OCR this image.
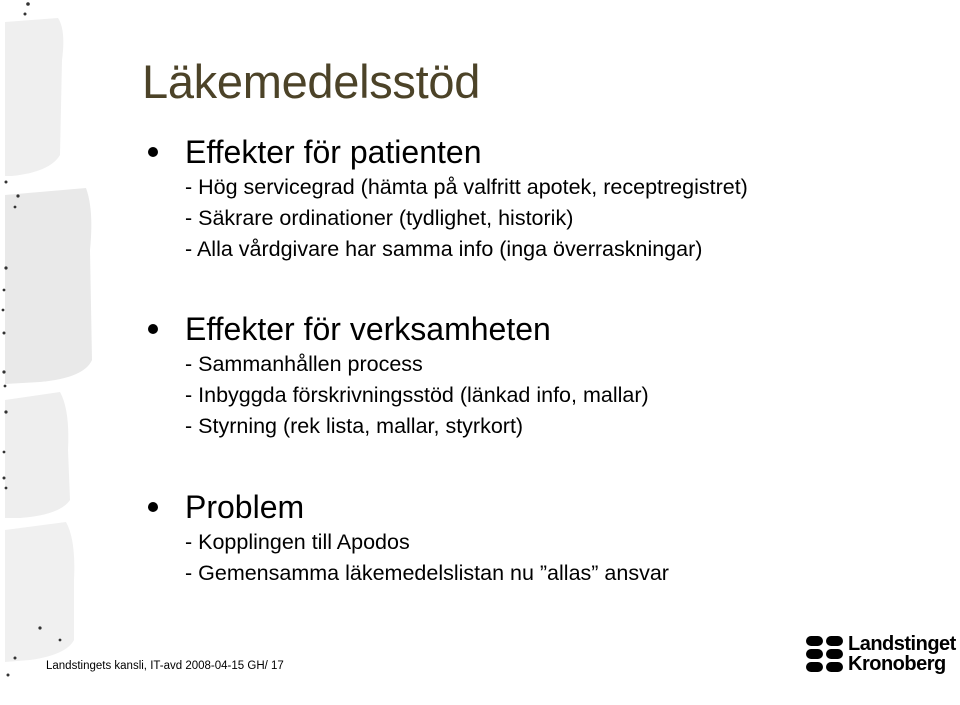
Läkemedelsstöd
Effekter för patienten
- Hög servicegrad (hämta på valfritt apotek, receptregistret)
- Säkrare ordinationer (tydlighet, historik)
- Alla vårdgivare har samma info (inga överraskningar)
Effekter för verksamheten
- Sammanhållen process
- Inbyggda förskrivningsstöd (länkad info, mallar)
- Styrning (rek lista, mallar, styrkort)
Problem
- Kopplingen till Apodos
- Gemensamma läkemedelslistan nu ”allas” ansvar
Landstingets kansli, IT-avd 2008-04-15 GH/ 17
Landstinget
Kronoberg
